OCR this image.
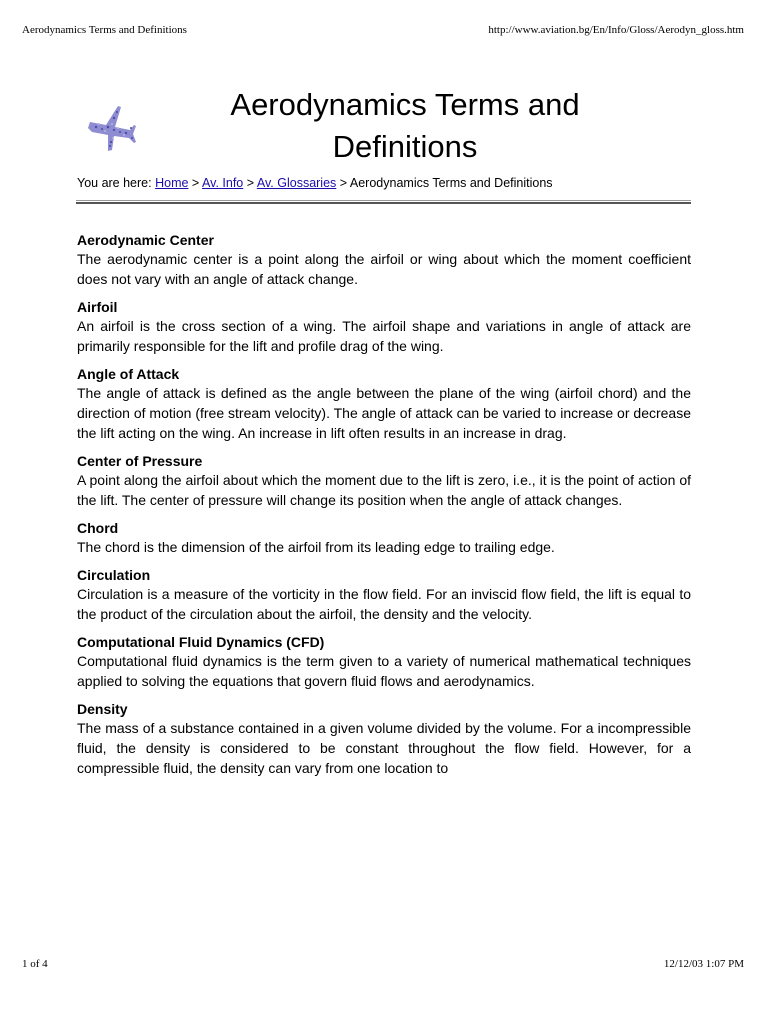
Aerodynamics Terms and Definitions	http://www.aviation.bg/En/Info/Gloss/Aerodyn_gloss.htm
Aerodynamics Terms and Definitions
You are here: Home > Av. Info > Av. Glossaries > Aerodynamics Terms and Definitions

Aerodynamic Center

The aerodynamic center is a point along the airfoil or wing about which the moment coefficient does not vary with an angle of attack change.

Airfoil

An airfoil is the cross section of a wing. The airfoil shape and variations in angle of attack are primarily responsible for the lift and profile drag of the wing.

Angle of Attack

The angle of attack is defined as the angle between the plane of the wing (airfoil chord) and the direction of motion (free stream velocity). The angle of attack can be varied to increase or decrease the lift acting on the wing. An increase in lift often results in an increase in drag.

Center of Pressure

A point along the airfoil about which the moment due to the lift is zero, i.e., it is the point of action of the lift. The center of pressure will change its position when the angle of attack changes.

Chord

The chord is the dimension of the airfoil from its leading edge to trailing edge.

Circulation

Circulation is a measure of the vorticity in the flow field. For an inviscid flow field, the lift is equal to the product of the circulation about the airfoil, the density and the velocity.

Computational Fluid Dynamics (CFD)

Computational fluid dynamics is the term given to a variety of numerical mathematical techniques applied to solving the equations that govern fluid flows and aerodynamics.

Density

The mass of a substance contained in a given volume divided by the volume. For a incompressible fluid, the density is considered to be constant throughout the flow field. However, for a compressible fluid, the density can vary from one location to

1 of 4	12/12/03 1:07 PM
